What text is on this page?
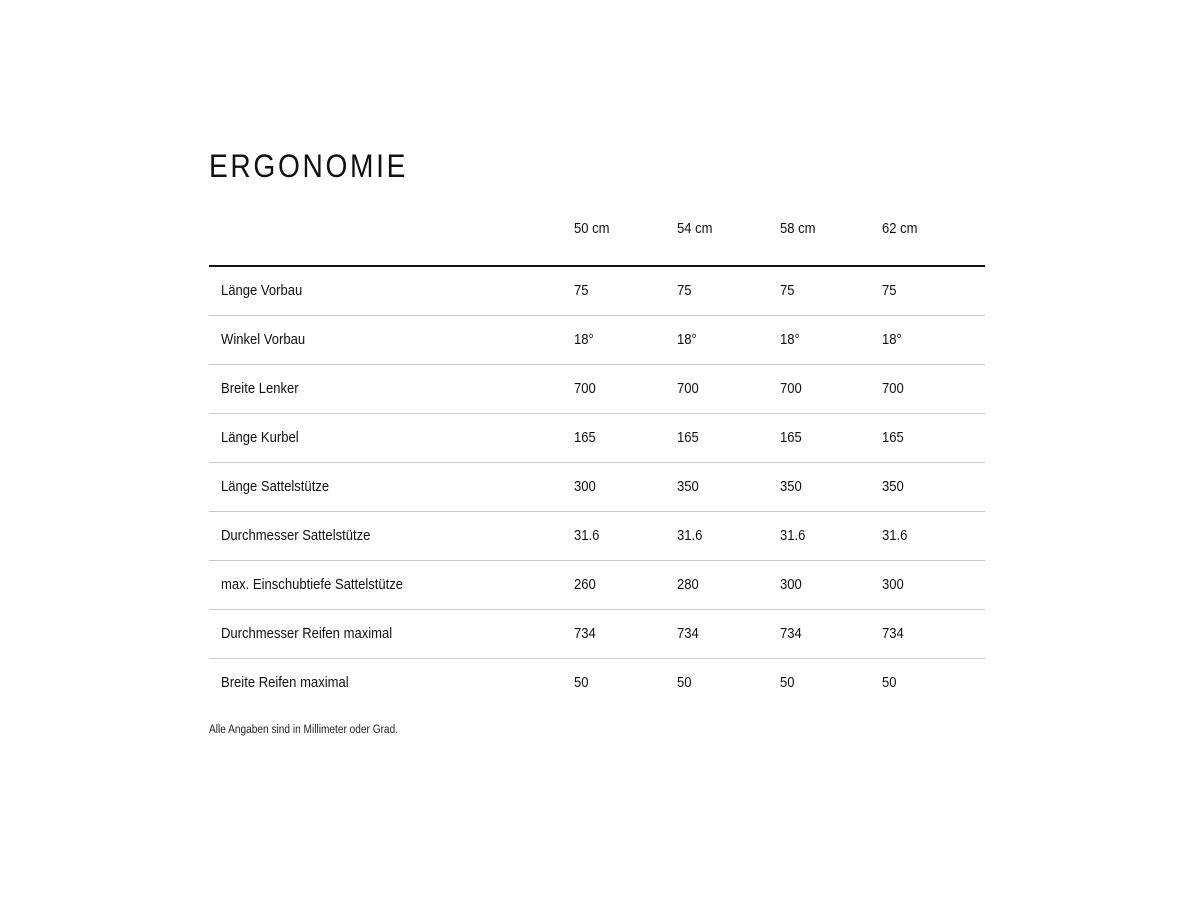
ERGONOMIE
	50 cm	54 cm	58 cm	62 cm
Länge Vorbau	75	75	75	75
Winkel Vorbau	18°	18°	18°	18°
Breite Lenker	700	700	700	700
Länge Kurbel	165	165	165	165
Länge Sattelstütze	300	350	350	350
Durchmesser Sattelstütze	31.6	31.6	31.6	31.6
max. Einschubtiefe Sattelstütze	260	280	300	300
Durchmesser Reifen maximal	734	734	734	734
Breite Reifen maximal	50	50	50	50
Alle Angaben sind in Millimeter oder Grad.
